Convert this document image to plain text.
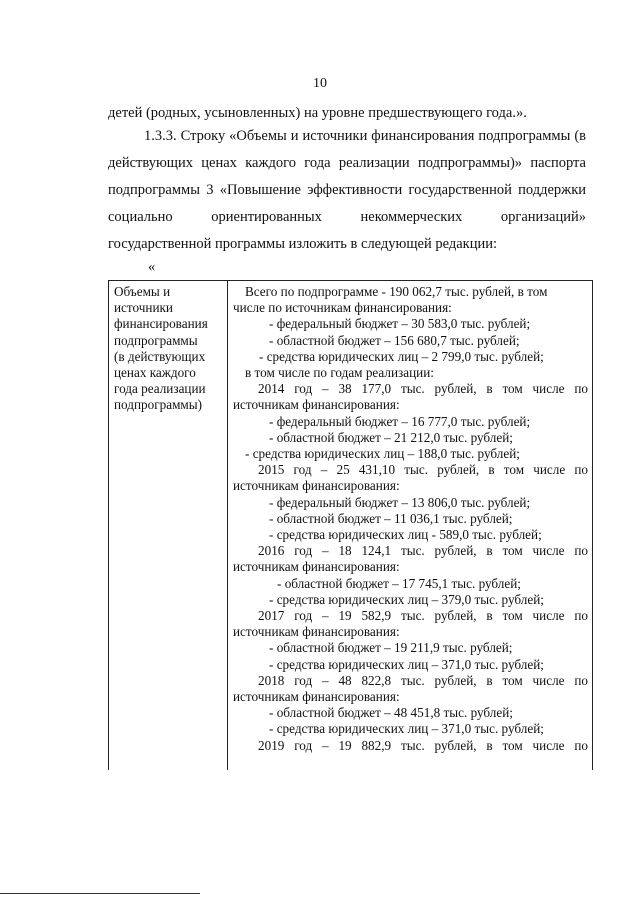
10

детей (родных, усыновленных) на уровне предшествующего года.».

1.3.3. Строку «Объемы и источники финансирования подпрограммы (в действующих ценах каждого года реализации подпрограммы)» паспорта подпрограммы 3 «Повышение эффективности государственной поддержки социально ориентированных некоммерческих организаций» государственной программы изложить в следующей редакции:

«
Объемы и
источники
финансирования
подпрограммы
(в действующих
ценах каждого
года реализации
подпрограммы)
Всего по подпрограмме - 190 062,7 тыс. рублей, в том
числе по источникам финансирования:
- федеральный бюджет – 30 583,0 тыс. рублей;
- областной бюджет – 156 680,7 тыс. рублей;
- средства юридических лиц – 2 799,0 тыс. рублей;
в том числе по годам реализации:
2014 год – 38 177,0 тыс. рублей, в том числе по
источникам финансирования:
- федеральный бюджет – 16 777,0 тыс. рублей;
- областной бюджет – 21 212,0 тыс. рублей;
- средства юридических лиц – 188,0 тыс. рублей;
2015 год – 25 431,10 тыс. рублей, в том числе по
источникам финансирования:
- федеральный бюджет – 13 806,0 тыс. рублей;
- областной бюджет – 11 036,1 тыс. рублей;
- средства юридических лиц - 589,0 тыс. рублей;
2016 год – 18 124,1 тыс. рублей, в том числе по
источникам финансирования:
- областной бюджет – 17 745,1 тыс. рублей;
- средства юридических лиц – 379,0 тыс. рублей;
2017 год – 19 582,9 тыс. рублей, в том числе по
источникам финансирования:
- областной бюджет – 19 211,9 тыс. рублей;
- средства юридических лиц – 371,0 тыс. рублей;
2018 год – 48 822,8 тыс. рублей, в том числе по
источникам финансирования:
- областной бюджет – 48 451,8 тыс. рублей;
- средства юридических лиц – 371,0 тыс. рублей;
2019 год – 19 882,9 тыс. рублей, в том числе по
